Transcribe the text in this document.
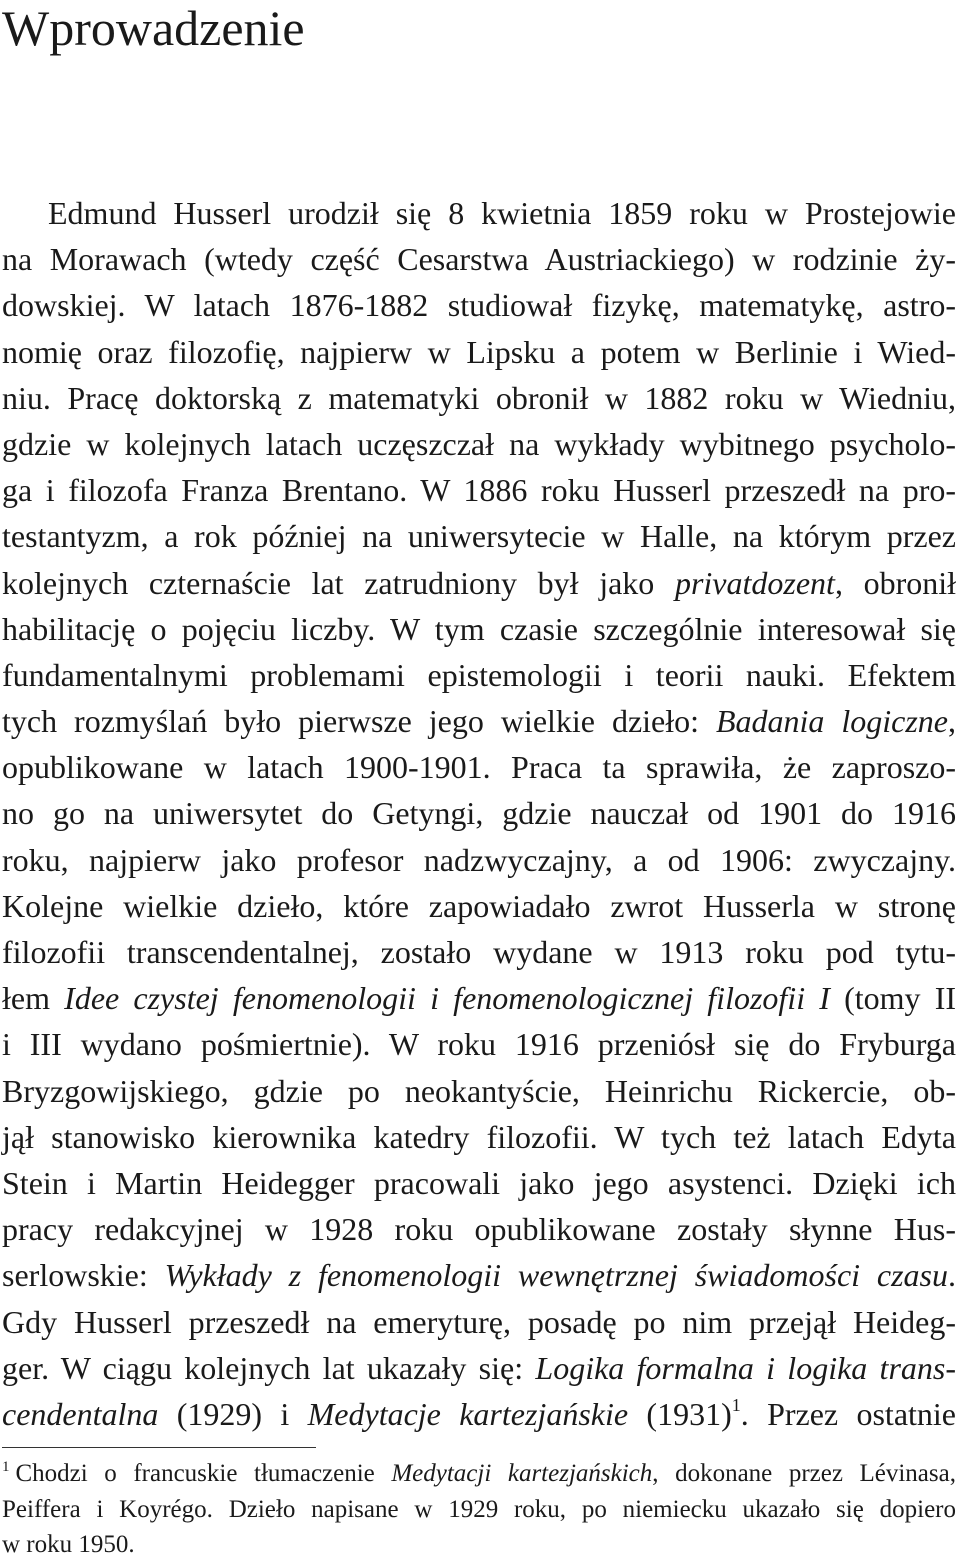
Wprowadzenie
Edmund Husserl urodził się 8 kwietnia 1859 roku w Prostejowie
na Morawach (wtedy część Cesarstwa Austriackiego) w rodzinie ży-
dowskiej. W latach 1876-1882 studiował fizykę, matematykę, astro-
nomię oraz filozofię, najpierw w Lipsku a potem w Berlinie i Wied-
niu. Pracę doktorską z matematyki obronił w 1882 roku w Wiedniu,
gdzie w kolejnych latach uczęszczał na wykłady wybitnego psycholo-
ga i filozofa Franza Brentano. W 1886 roku Husserl przeszedł na pro-
testantyzm, a rok później na uniwersytecie w Halle, na którym przez
kolejnych czternaście lat zatrudniony był jako privatdozent, obronił
habilitację o pojęciu liczby. W tym czasie szczególnie interesował się
fundamentalnymi problemami epistemologii i teorii nauki. Efektem
tych rozmyślań było pierwsze jego wielkie dzieło: Badania logiczne,
opublikowane w latach 1900-1901. Praca ta sprawiła, że zaproszo-
no go na uniwersytet do Getyngi, gdzie nauczał od 1901 do 1916
roku, najpierw jako profesor nadzwyczajny, a od 1906: zwyczajny.
Kolejne wielkie dzieło, które zapowiadało zwrot Husserla w stronę
filozofii transcendentalnej, zostało wydane w 1913 roku pod tytu-
łem Idee czystej fenomenologii i fenomenologicznej filozofii I (tomy II
i III wydano pośmiertnie). W roku 1916 przeniósł się do Fryburga
Bryzgowijskiego, gdzie po neokantyście, Heinrichu Rickercie, ob-
jął stanowisko kierownika katedry filozofii. W tych też latach Edyta
Stein i Martin Heidegger pracowali jako jego asystenci. Dzięki ich
pracy redakcyjnej w 1928 roku opublikowane zostały słynne Hus-
serlowskie: Wykłady z fenomenologii wewnętrznej świadomości czasu.
Gdy Husserl przeszedł na emeryturę, posadę po nim przejął Heideg-
ger. W ciągu kolejnych lat ukazały się: Logika formalna i logika trans-
cendentalna (1929) i Medytacje kartezjańskie $(1931)^1$. Przez ostatnie
$^1$ Chodzi o francuskie tłumaczenie Medytacji kartezjańskich, dokonane przez Lévinasa,
Peiffera i Koyrégo. Dzieło napisane w 1929 roku, po niemiecku ukazało się dopiero
w roku 1950.
